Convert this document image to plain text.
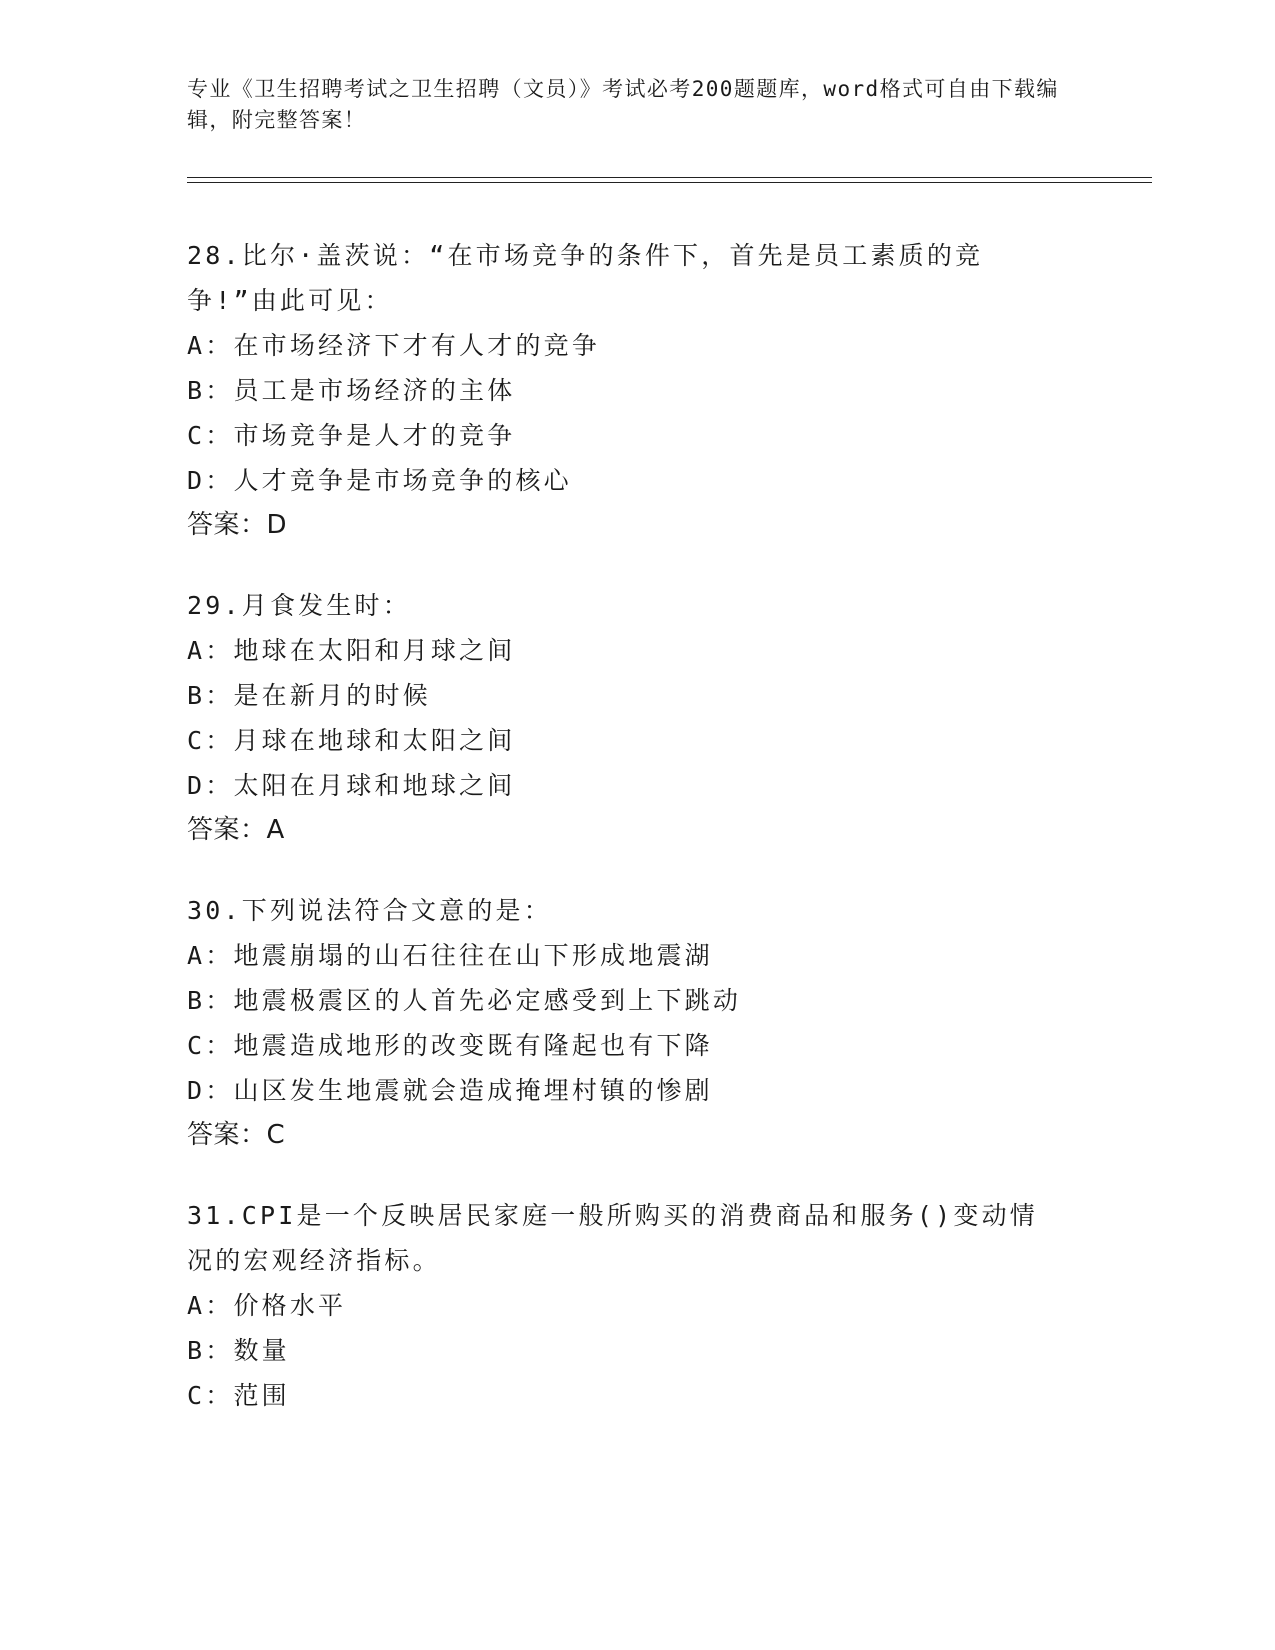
专业《卫生招聘考试之卫生招聘（文员）》考试必考200题题库，word格式可自由下载编辑，附完整答案！
28.比尔·盖茨说：“在市场竞争的条件下，首先是员工素质的竞争!”由此可见：
A：在市场经济下才有人才的竞争
B：员工是市场经济的主体
C：市场竞争是人才的竞争
D：人才竞争是市场竞争的核心
答案：D
29.月食发生时：
A：地球在太阳和月球之间
B：是在新月的时候
C：月球在地球和太阳之间
D：太阳在月球和地球之间
答案：A
30.下列说法符合文意的是：
A：地震崩塌的山石往往在山下形成地震湖
B：地震极震区的人首先必定感受到上下跳动
C：地震造成地形的改变既有隆起也有下降
D：山区发生地震就会造成掩埋村镇的惨剧
答案：C
31.CPI是一个反映居民家庭一般所购买的消费商品和服务()变动情况的宏观经济指标。
A：价格水平
B：数量
C：范围
